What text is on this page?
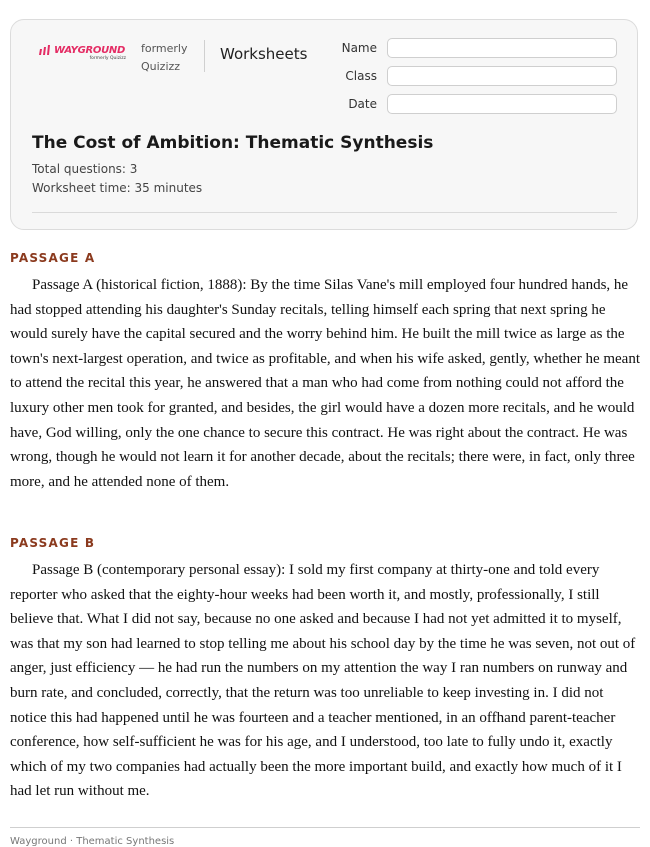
WAYGROUND
formerly Quizizz
formerly
Quizizz
Worksheets	Name
Class
Date
The Cost of Ambition: Thematic Synthesis
Total questions: 3
Worksheet time: 35 minutes
PASSAGE A

Passage A (historical fiction, 1888): By the time Silas Vane's mill employed four hundred hands, he had stopped attending his daughter's Sunday recitals, telling himself each spring that next spring he would surely have the capital secured and the worry behind him. He built the mill twice as large as the town's next-largest operation, and twice as profitable, and when his wife asked, gently, whether he meant to attend the recital this year, he answered that a man who had come from nothing could not afford the luxury other men took for granted, and besides, the girl would have a dozen more recitals, and he would have, God willing, only the one chance to secure this contract. He was right about the contract. He was wrong, though he would not learn it for another decade, about the recitals; there were, in fact, only three more, and he attended none of them.

PASSAGE B

Passage B (contemporary personal essay): I sold my first company at thirty-one and told every reporter who asked that the eighty-hour weeks had been worth it, and mostly, professionally, I still believe that. What I did not say, because no one asked and because I had not yet admitted it to myself, was that my son had learned to stop telling me about his school day by the time he was seven, not out of anger, just efficiency — he had run the numbers on my attention the way I ran numbers on runway and burn rate, and concluded, correctly, that the return was too unreliable to keep investing in. I did not notice this had happened until he was fourteen and a teacher mentioned, in an offhand parent-teacher conference, how self-sufficient he was for his age, and I understood, too late to fully undo it, exactly which of my two companies had actually been the more important build, and exactly how much of it I had let run without me.

Wayground · Thematic Synthesis
